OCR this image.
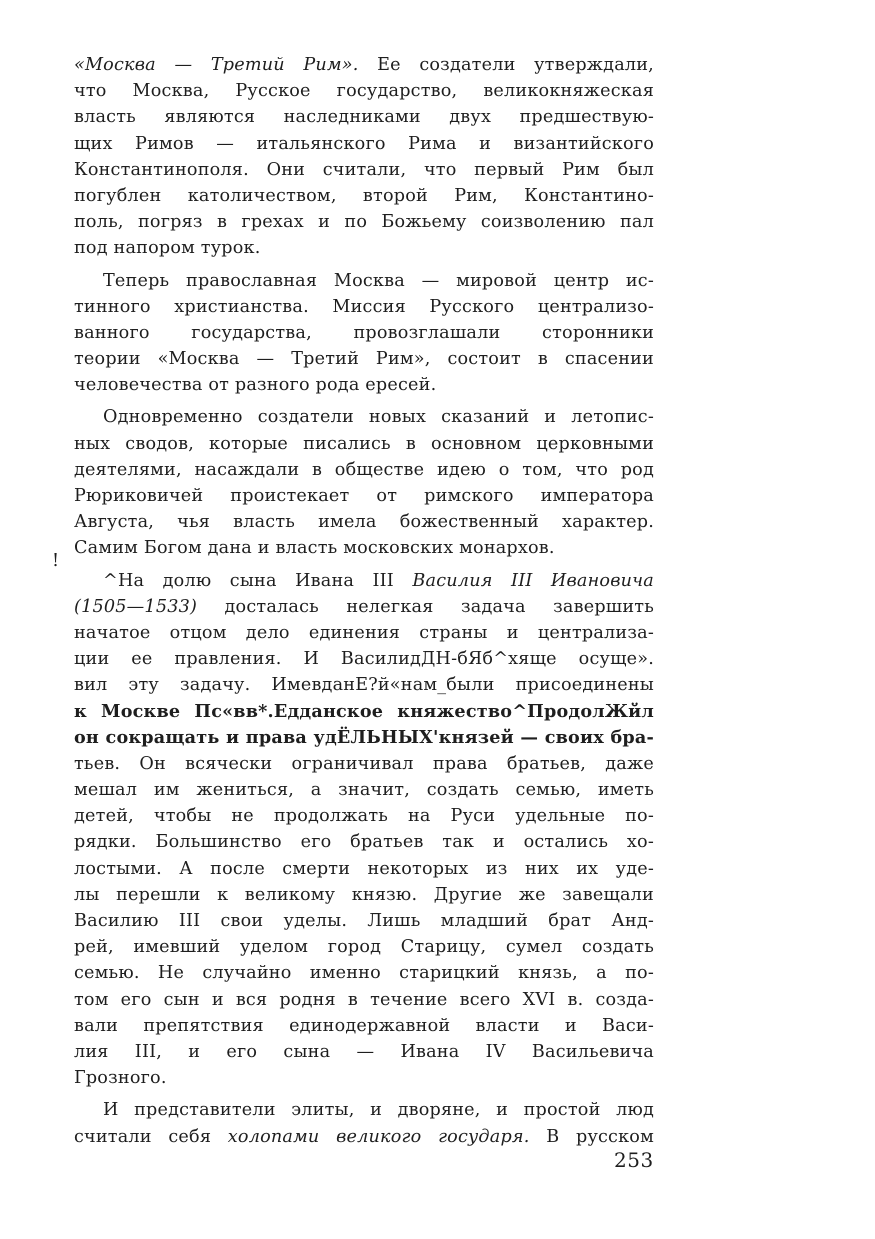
«Москва — Третий Рим». Ее создатели утверждали,
что Москва, Русское государство, великокняжеская
власть являются наследниками двух предшествую-
щих Римов — итальянского Рима и византийского
Константинополя. Они считали, что первый Рим был
погублен католичеством, второй Рим, Константино-
поль, погряз в грехах и по Божьему соизволению пал
под напором турок.
Теперь православная Москва — мировой центр ис-
тинного христианства. Миссия Русского централизо-
ванного государства, провозглашали сторонники
теории «Москва — Третий Рим», состоит в спасении
человечества от разного рода ересей.
Одновременно создатели новых сказаний и летопис-
ных сводов, которые писались в основном церковными
деятелями, насаждали в обществе идею о том, что род
Рюриковичей проистекает от римского императора
Августа, чья власть имела божественный характер.
Самим Богом дана и власть московских монархов.
^На долю сына Ивана III Василия III Ивановича
(1505—1533) досталась нелегкая задача завершить
начатое отцом дело единения страны и централиза-
ции ее правления. И ВасилидДН-бЯб^хяще осуще».
вил эту задачу. ИмевданЕ?й«нам_были присоединены
к Москве Пс«вв*.Едданское княжество^ПродолЖйл
он сокращать и права удЁЛЬНЫХ'князей — своих бра-
тьев. Он всячески ограничивал права братьев, даже
мешал им жениться, а значит, создать семью, иметь
детей, чтобы не продолжать на Руси удельные по-
рядки. Большинство его братьев так и остались хо-
лостыми. А после смерти некоторых из них их уде-
лы перешли к великому князю. Другие же завещали
Василию III свои уделы. Лишь младший брат Анд-
рей, имевший уделом город Старицу, сумел создать
семью. Не случайно именно старицкий князь, а по-
том его сын и вся родня в течение всего XVI в. созда-
вали препятствия единодержавной власти и Васи-
лия III, и его сына — Ивана IV Васильевича
Грозного.
И представители элиты, и дворяне, и простой люд
считали себя холопами великого государя. В русском
!
253
